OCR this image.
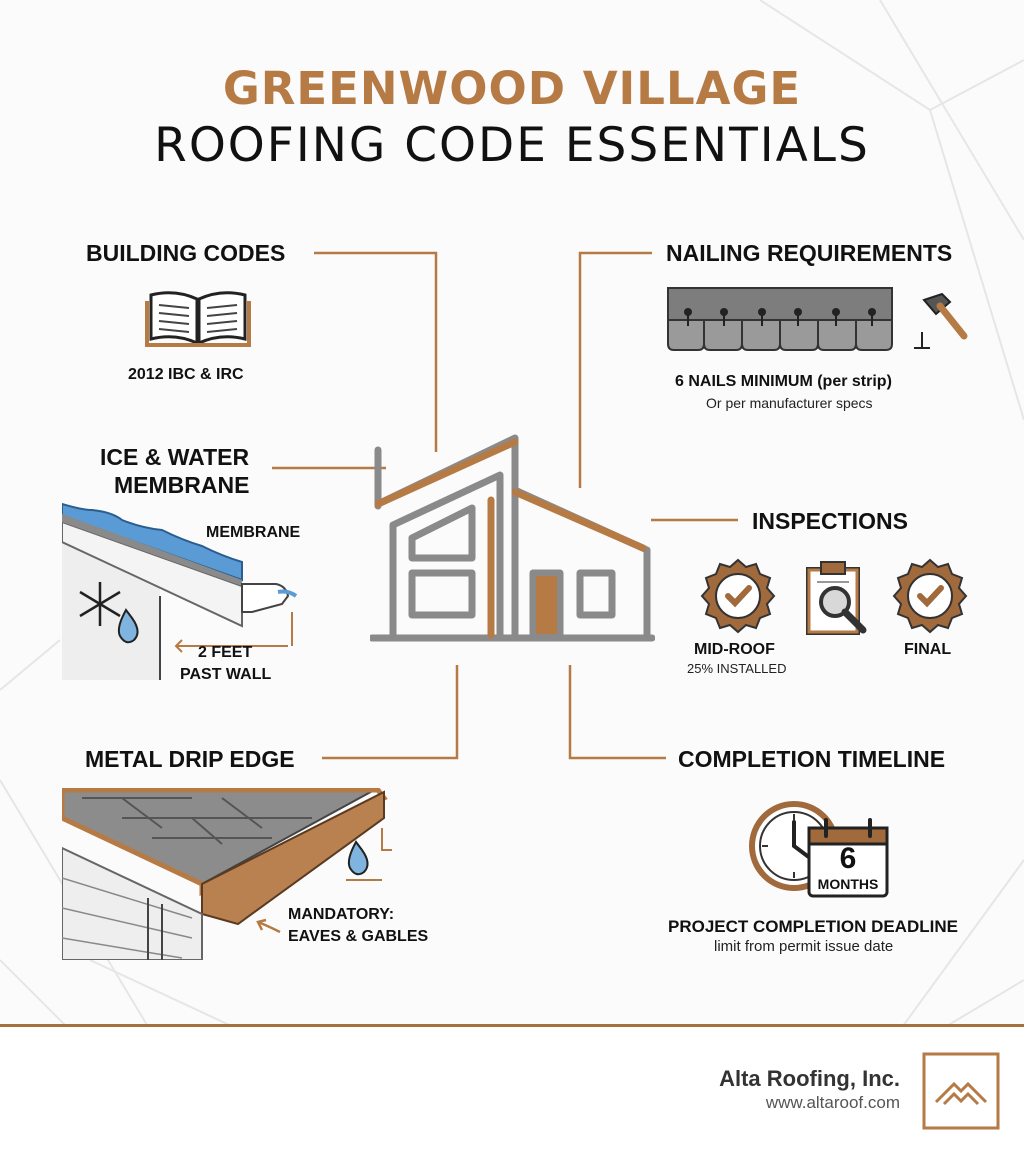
GREENWOOD VILLAGE
ROOFING CODE ESSENTIALS
BUILDING CODES
2012 IBC & IRC
NAILING REQUIREMENTS
6 NAILS MINIMUM (per strip)
Or per manufacturer specs
ICE & WATER
MEMBRANE
MEMBRANE
2 FEET
PAST WALL
INSPECTIONS
MID-ROOF
25% INSTALLED
FINAL
METAL DRIP EDGE
MANDATORY:
EAVES & GABLES
COMPLETION TIMELINE
6
MONTHS
PROJECT COMPLETION DEADLINE
limit from permit issue date
Alta Roofing, Inc.
www.altaroof.com
